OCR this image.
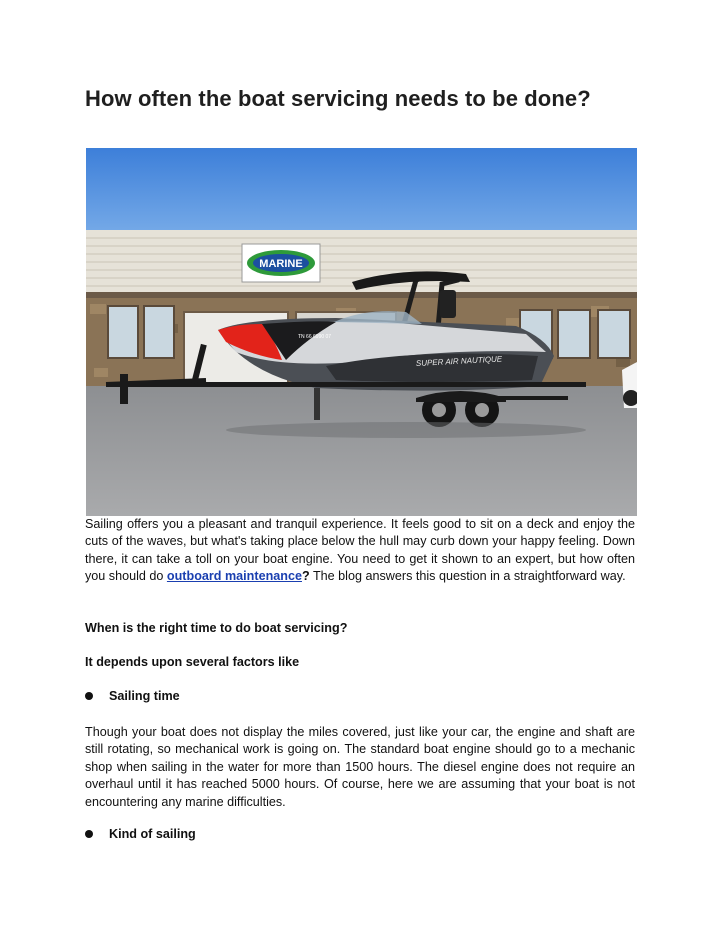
How often the boat servicing needs to be done?
MARINE
SUPER AIR NAUTIQUE
TN 66 6990 07

Sailing offers you a pleasant and tranquil experience. It feels good to sit on a deck and enjoy the cuts of the waves, but what's taking place below the hull may curb down your happy feeling. Down there, it can take a toll on your boat engine. You need to get it shown to an expert, but how often you should do outboard maintenance? The blog answers this question in a straightforward way.

When is the right time to do boat servicing?

It depends upon several factors like

Sailing time

Though your boat does not display the miles covered, just like your car, the engine and shaft are still rotating, so mechanical work is going on. The standard boat engine should go to a mechanic shop when sailing in the water for more than 1500 hours. The diesel engine does not require an overhaul until it has reached 5000 hours. Of course, here we are assuming that your boat is not encountering any marine difficulties.

Kind of sailing
